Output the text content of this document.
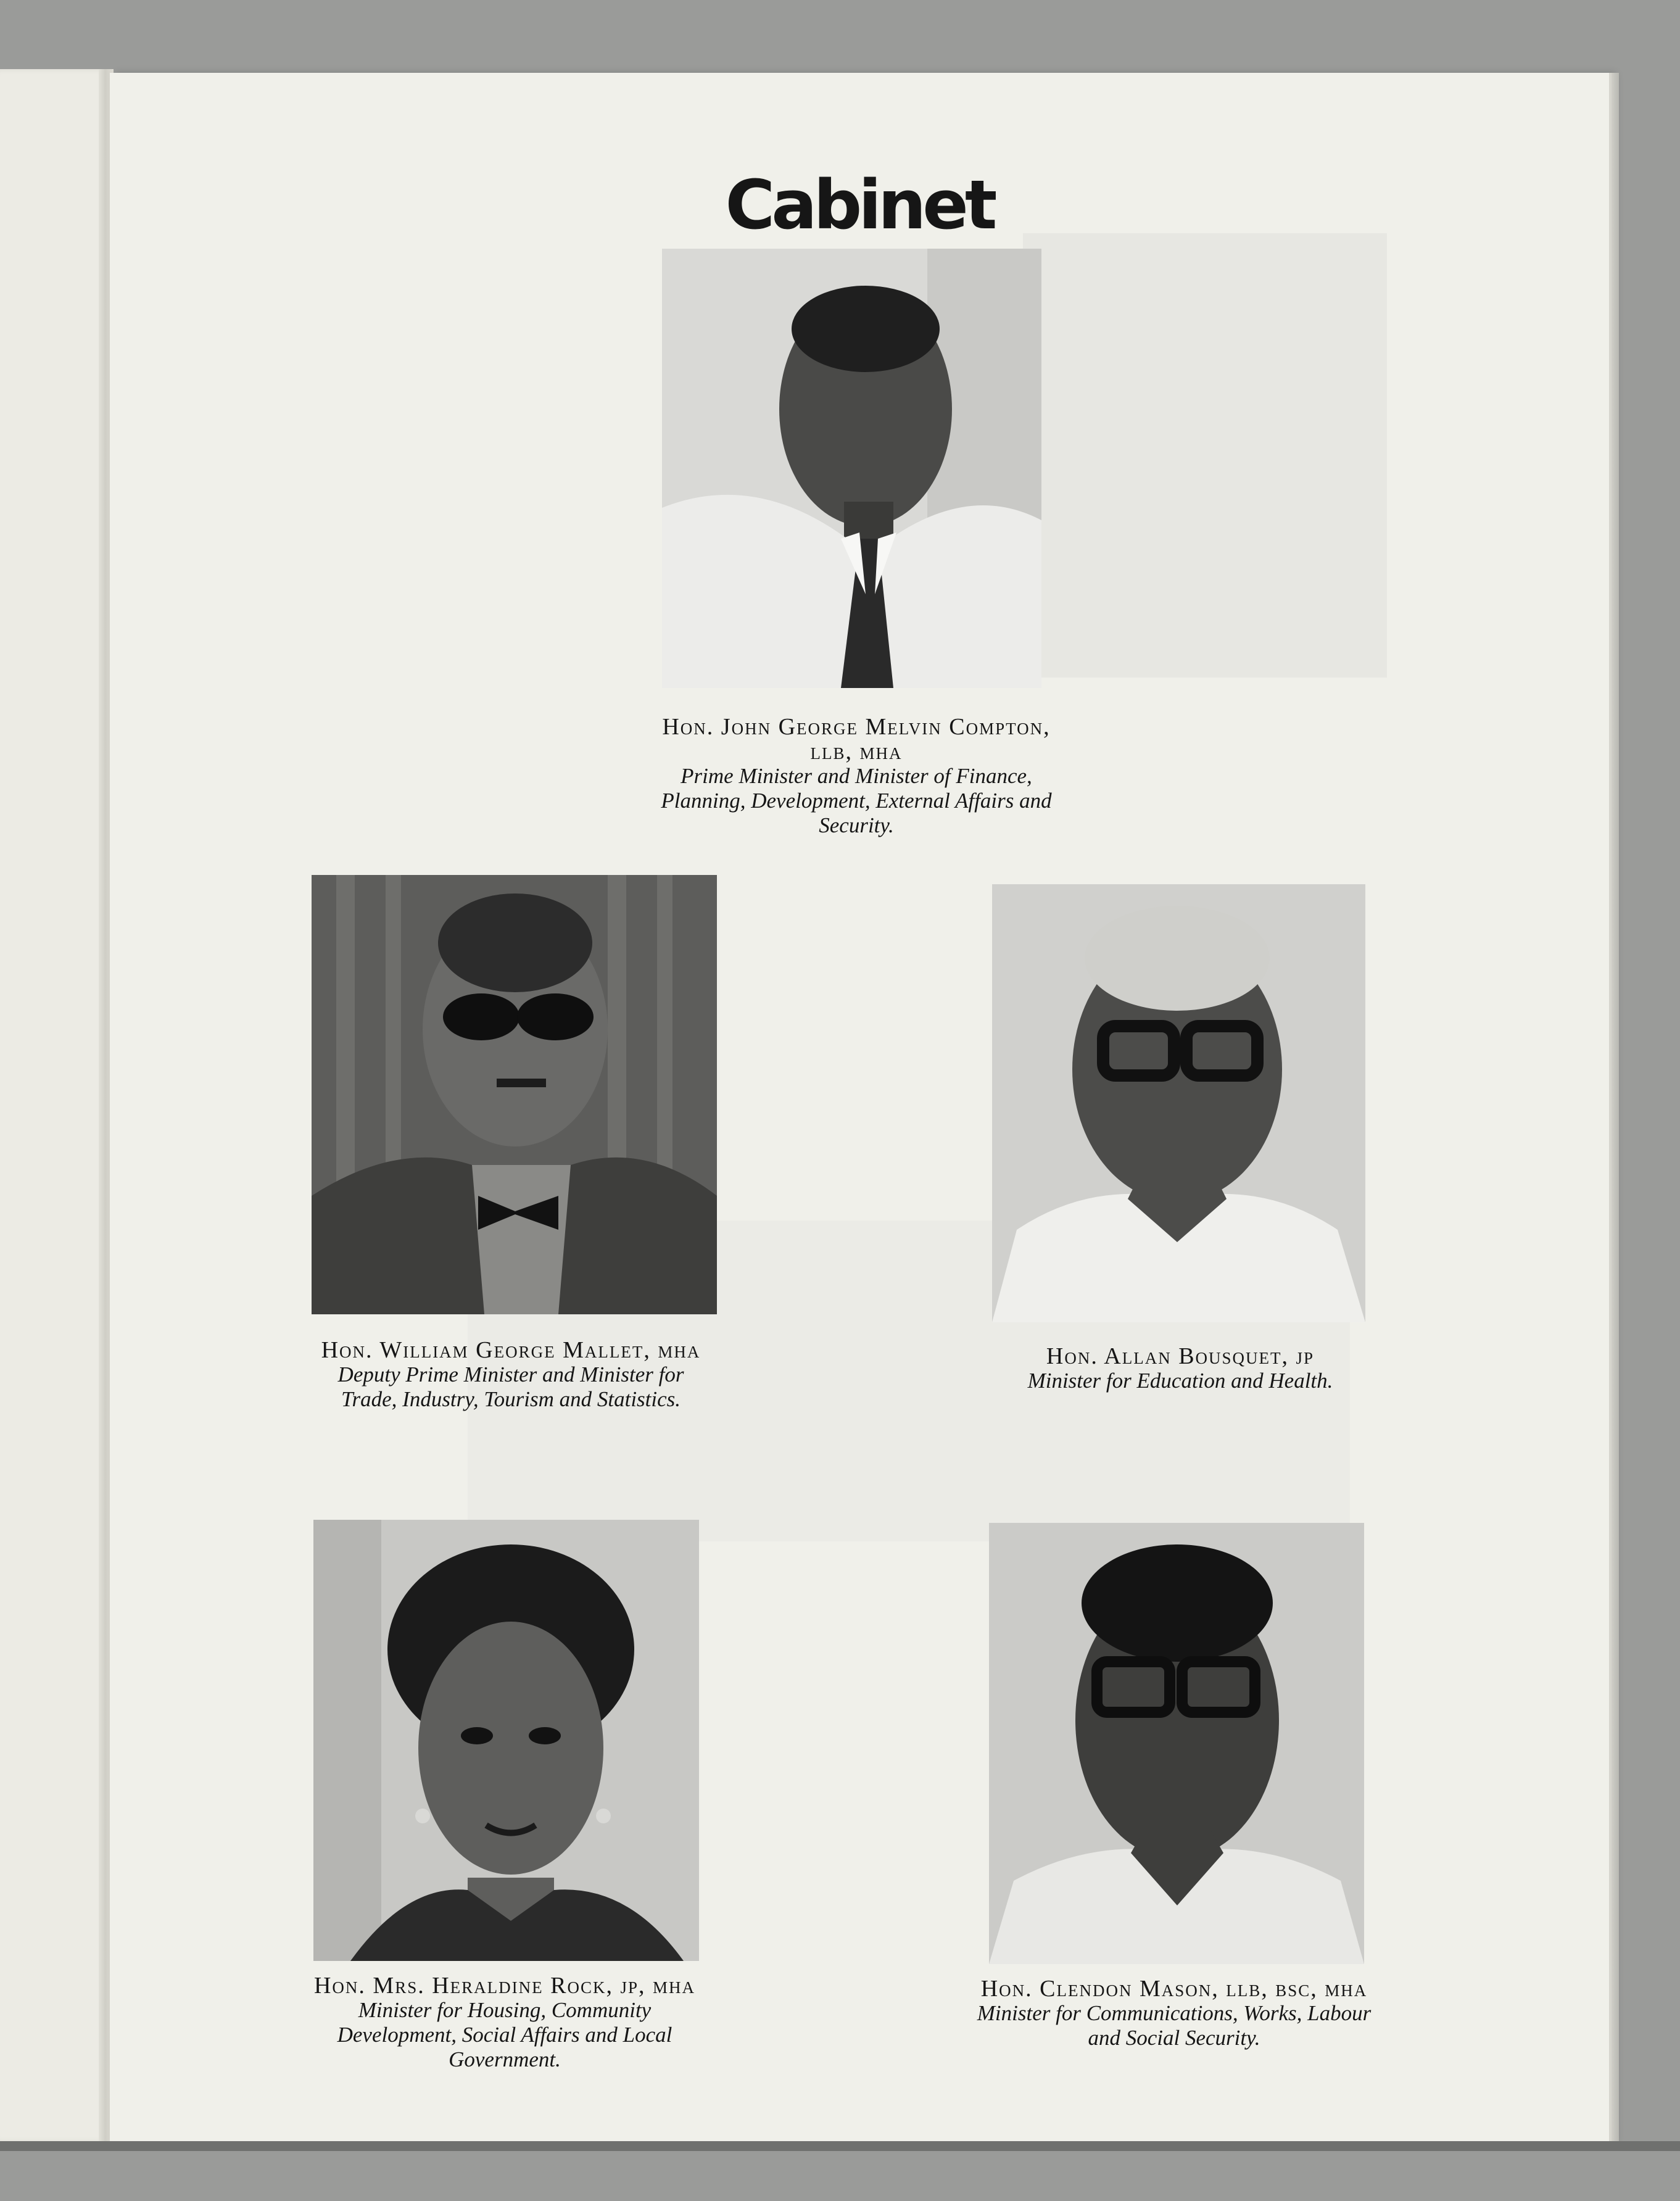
Cabinet
Hon. John George Melvin Compton, llb, mha
Prime Minister and Minister of Finance, Planning, Development, External Affairs and Security.
Hon. William George Mallet, mha
Deputy Prime Minister and Minister for Trade, Industry, Tourism and Statistics.
Hon. Allan Bousquet, jp
Minister for Education and Health.
Hon. Mrs. Heraldine Rock, jp, mha
Minister for Housing, Community Development, Social Affairs and Local Government.
Hon. Clendon Mason, llb, bsc, mha
Minister for Communications, Works, Labour and Social Security.
